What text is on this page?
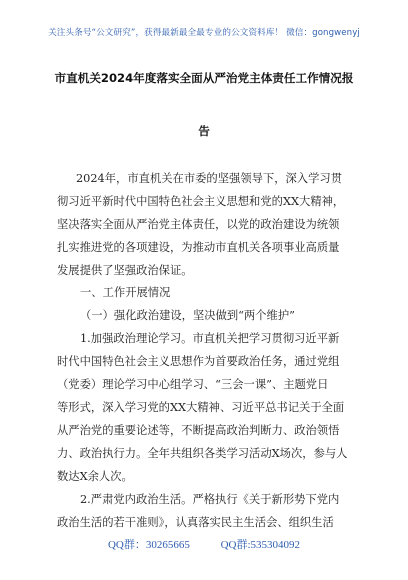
关注头条号“公文研究”，获得最新最全最专业的公文资料库！ 微信：gongwenyj
市直机关2024年度落实全面从严治党主体责任工作情况报
告
2024年，市直机关在市委的坚强领导下，深入学习贯
彻习近平新时代中国特色社会主义思想和党的XX大精神，
坚决落实全面从严治党主体责任，以党的政治建设为统领
扎实推进党的各项建设，为推动市直机关各项事业高质量
发展提供了坚强政治保证。
一、工作开展情况
（一）强化政治建设，坚决做到“两个维护”
1.加强政治理论学习。市直机关把学习贯彻习近平新
时代中国特色社会主义思想作为首要政治任务，通过党组
（党委）理论学习中心组学习、“三会一课”、主题党日
等形式，深入学习党的XX大精神、习近平总书记关于全面
从严治党的重要论述等，不断提高政治判断力、政治领悟
力、政治执行力。全年共组织各类学习活动X场次，参与人
数达X余人次。
2.严肃党内政治生活。严格执行《关于新形势下党内
政治生活的若干准则》，认真落实民主生活会、组织生活
QQ群：30265665	QQ群:535304092
